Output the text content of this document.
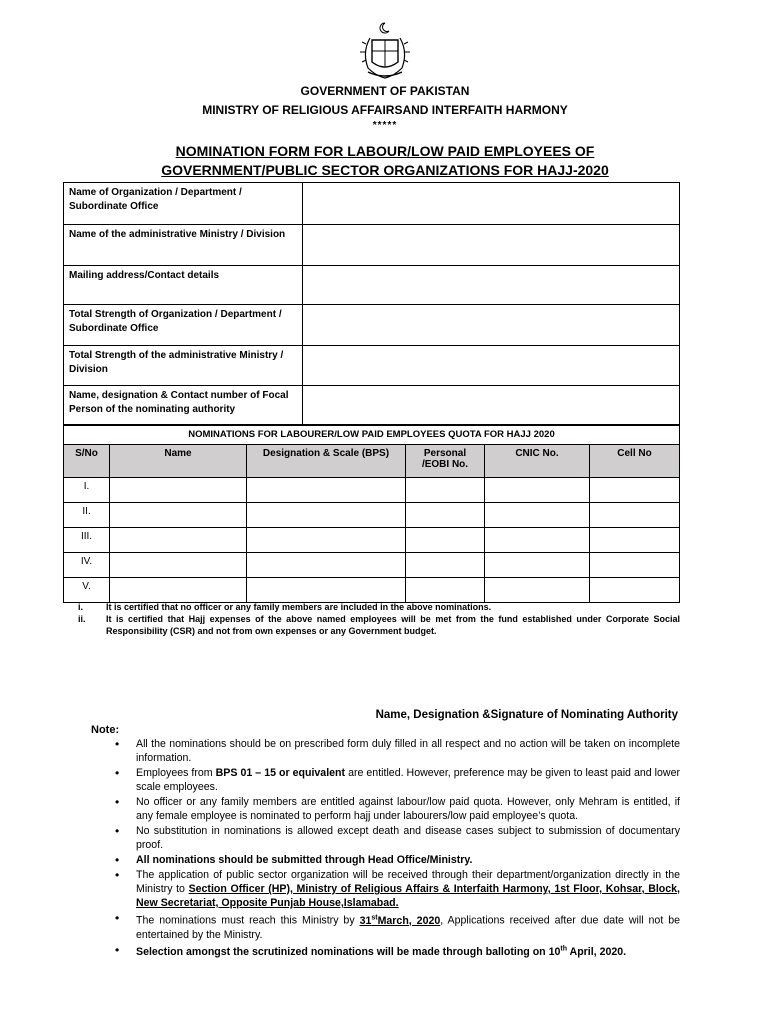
GOVERNMENT OF PAKISTAN
MINISTRY OF RELIGIOUS AFFAIRSAND INTERFAITH HARMONY
*****
NOMINATION FORM FOR LABOUR/LOW PAID EMPLOYEES OF
GOVERNMENT/PUBLIC SECTOR ORGANIZATIONS FOR HAJJ-2020
Name of Organization / Department / Subordinate Office	
Name of the administrative Ministry / Division	
Mailing address/Contact details	
Total Strength of Organization / Department / Subordinate Office	
Total Strength of the administrative Ministry / Division	
Name, designation & Contact number of Focal Person of the nominating authority	
NOMINATIONS FOR LABOURER/LOW PAID EMPLOYEES QUOTA FOR HAJJ 2020
S/No	Name	Designation & Scale (BPS)	Personal /EOBI No.	CNIC No.	Cell No
I.					
II.					
III.					
IV.					
V.					
i.	It is certified that no officer or any family members are included in the above nominations.
ii.	It is certified that Hajj expenses of the above named employees will be met from the fund established under Corporate Social Responsibility (CSR) and not from own expenses or any Government budget.
Name, Designation &Signature of Nominating Authority
Note:
• All the nominations should be on prescribed form duly filled in all respect and no action will be taken on incomplete information.
• Employees from BPS 01 – 15 or equivalent are entitled. However, preference may be given to least paid and lower scale employees.
• No officer or any family members are entitled against labour/low paid quota. However, only Mehram is entitled, if any female employee is nominated to perform hajj under labourers/low paid employee’s quota.
• No substitution in nominations is allowed except death and disease cases subject to submission of documentary proof.
• All nominations should be submitted through Head Office/Ministry.
• The application of public sector organization will be received through their department/organization directly in the Ministry to Section Officer (HP), Ministry of Religious Affairs & Interfaith Harmony, 1st Floor, Kohsar, Block, New Secretariat, Opposite Punjab House,Islamabad.
• The nominations must reach this Ministry by 31stMarch, 2020, Applications received after due date will not be entertained by the Ministry.
• Selection amongst the scrutinized nominations will be made through balloting on 10th April, 2020.
